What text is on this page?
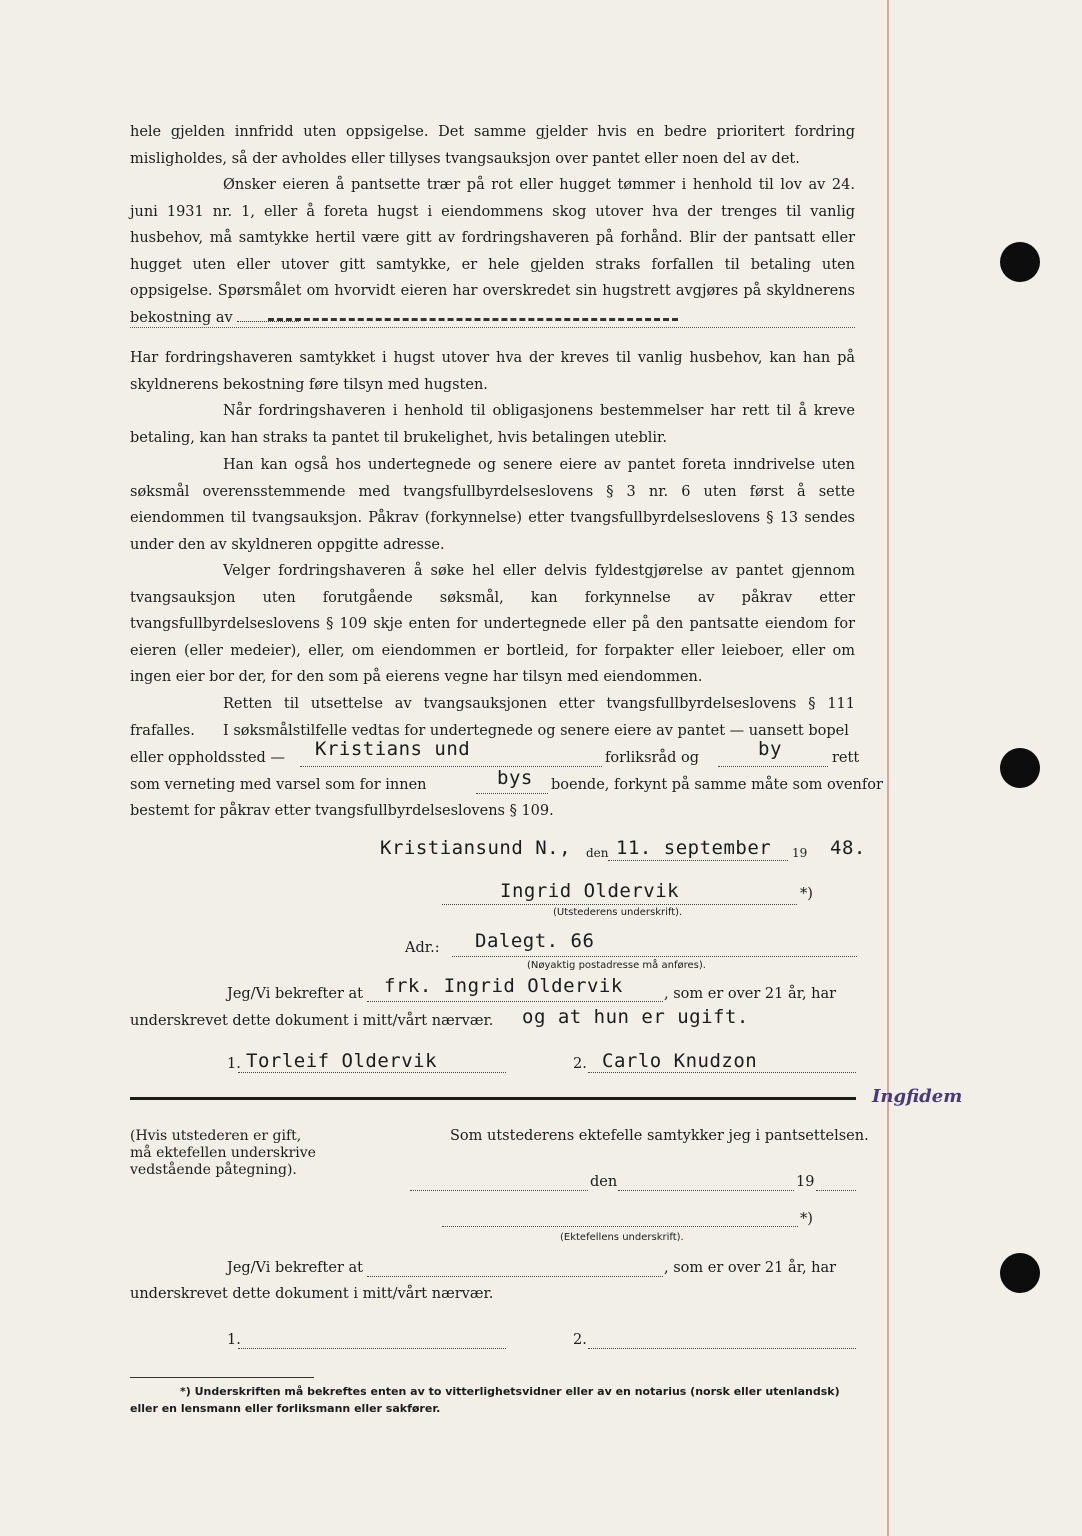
hele gjelden innfridd uten oppsigelse. Det samme gjelder hvis en bedre prioritert fordring misligholdes, så der avholdes eller tillyses tvangsauksjon over pantet eller noen del av det.
Ønsker eieren å pantsette trær på rot eller hugget tømmer i henhold til lov av 24. juni 1931 nr. 1, eller å foreta hugst i eiendommens skog utover hva der trenges til vanlig husbehov, må samtykke hertil være gitt av fordringshaveren på forhånd. Blir der pantsatt eller hugget uten eller utover gitt samtykke, er hele gjelden straks forfallen til betaling uten oppsigelse. Spørsmålet om hvorvidt eieren har overskredet sin hugstrett avgjøres på skyldnerens bekostning av
Har fordringshaveren samtykket i hugst utover hva der kreves til vanlig husbehov, kan han på skyldnerens bekostning føre tilsyn med hugsten.
Når fordringshaveren i henhold til obligasjonens bestemmelser har rett til å kreve betaling, kan han straks ta pantet til brukelighet, hvis betalingen uteblir.
Han kan også hos undertegnede og senere eiere av pantet foreta inndrivelse uten søksmål overensstemmende med tvangsfullbyrdelseslovens § 3 nr. 6 uten først å sette eiendommen til tvangsauksjon. Påkrav (forkynnelse) etter tvangsfullbyrdelseslovens § 13 sendes under den av skyldneren oppgitte adresse.
Velger fordringshaveren å søke hel eller delvis fyldestgjørelse av pantet gjennom tvangsauksjon uten forutgående søksmål, kan forkynnelse av påkrav etter tvangsfullbyrdelseslovens § 109 skje enten for undertegnede eller på den pantsatte eiendom for eieren (eller medeier), eller, om eiendommen er bortleid, for forpakter eller leieboer, eller om ingen eier bor der, for den som på eierens vegne har tilsyn med eiendommen.
Retten til utsettelse av tvangsauksjonen etter tvangsfullbyrdelseslovens § 111 frafalles.	I søksmålstilfelle vedtas for undertegnede og senere eiere av pantet — uansett bopel
eller oppholdssted — Kristians und	forliksråd og	by	rett
som verneting med varsel som for innen	bys boende, forkynt på samme måte som ovenfor
bestemt for påkrav etter tvangsfullbyrdelseslovens § 109.
Kristiansund N., den 11. september 19 48.
Ingrid Oldervik	*)
(Utstederens underskrift).
Adr.: Dalegt. 66
(Nøyaktig postadresse må anføres).
Jeg/Vi bekrefter at frk. Ingrid Oldervik	, som er over 21 år, har
underskrevet dette dokument i mitt/vårt nærvær. og at hun er ugift.
1. Torleif Oldervik	2. Carlo Knudzon
Ingfidem
(Hvis utstederen er gift, må ektefellen underskrive vedstående påtegning).
Som utstederens ektefelle samtykker jeg i pantsettelsen.
den	19
*)
(Ektefellens underskrift).
Jeg/Vi bekrefter at	, som er over 21 år, har
underskrevet dette dokument i mitt/vårt nærvær.
1.	2.
*) Underskriften må bekreftes enten av to vitterlighetsvidner eller av en notarius (norsk eller utenlandsk) eller en lensmann eller forliksmann eller sakfører.
